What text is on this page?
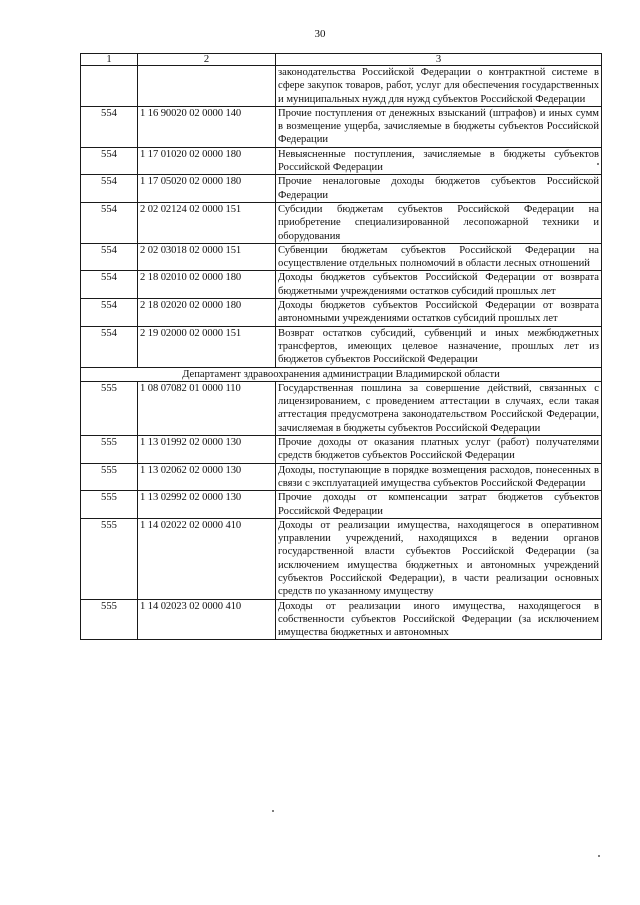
30
1	2	3
		законодательства Российской Федерации о контрактной системе в сфере закупок товаров, работ, услуг для обеспечения государственных и муниципальных нужд для нужд субъектов Российской Федерации
554	1 16 90020 02 0000 140	Прочие поступления от денежных взысканий (штрафов) и иных сумм в возмещение ущерба, зачисляемые в бюджеты субъектов Российской Федерации
554	1 17 01020 02 0000 180	Невыясненные поступления, зачисляемые в бюджеты субъектов Российской Федерации
554	1 17 05020 02 0000 180	Прочие неналоговые доходы бюджетов субъектов Российской Федерации
554	2 02 02124 02 0000 151	Субсидии бюджетам субъектов Российской Федерации на приобретение специализированной лесопожарной техники и оборудования
554	2 02 03018 02 0000 151	Субвенции бюджетам субъектов Российской Федерации на осуществление отдельных полномочий в области лесных отношений
554	2 18 02010 02 0000 180	Доходы бюджетов субъектов Российской Федерации от возврата бюджетными учреждениями остатков субсидий прошлых лет
554	2 18 02020 02 0000 180	Доходы бюджетов субъектов Российской Федерации от возврата автономными учреждениями остатков субсидий прошлых лет
554	2 19 02000 02 0000 151	Возврат остатков субсидий, субвенций и иных межбюджетных трансфертов, имеющих целевое назначение, прошлых лет из бюджетов субъектов Российской Федерации
Департамент здравоохранения администрации Владимирской области		
555	1 08 07082 01 0000 110	Государственная пошлина за совершение действий, связанных с лицензированием, с проведением аттестации в случаях, если такая аттестация предусмотрена законодательством Российской Федерации, зачисляемая в бюджеты субъектов Российской Федерации
555	1 13 01992 02 0000 130	Прочие доходы от оказания платных услуг (работ) получателями средств бюджетов субъектов Российской Федерации
555	1 13 02062 02 0000 130	Доходы, поступающие в порядке возмещения расходов, понесенных в связи с эксплуатацией имущества субъектов Российской Федерации
555	1 13 02992 02 0000 130	Прочие доходы от компенсации затрат бюджетов субъектов Российской Федерации
555	1 14 02022 02 0000 410	Доходы от реализации имущества, находящегося в оперативном управлении учреждений, находящихся в ведении органов государственной власти субъектов Российской Федерации (за исключением имущества бюджетных и автономных учреждений субъектов Российской Федерации), в части реализации основных средств по указанному имуществу
555	1 14 02023 02 0000 410	Доходы от реализации иного имущества, находящегося в собственности субъектов Российской Федерации (за исключением имущества бюджетных и автономных
